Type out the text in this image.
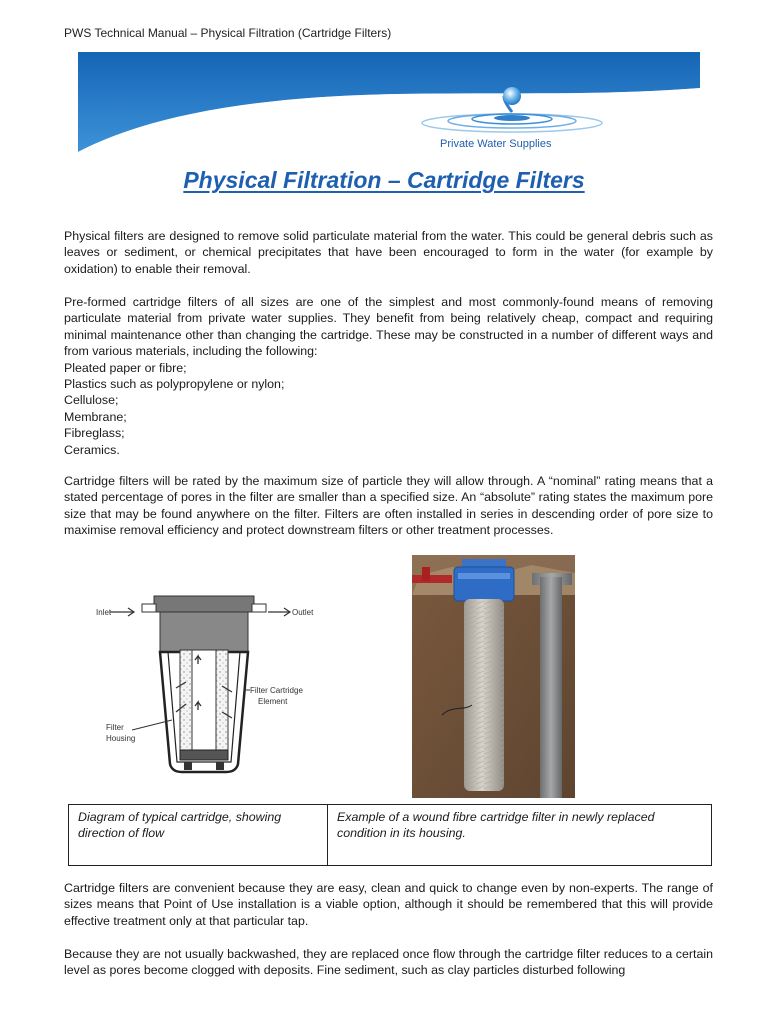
PWS Technical Manual – Physical Filtration (Cartridge Filters)
Private Water Supplies
Physical Filtration – Cartridge Filters

Physical filters are designed to remove solid particulate material from the water. This could be general debris such as leaves or sediment, or chemical precipitates that have been encouraged to form in the water (for example by oxidation) to enable their removal.

Pre-formed cartridge filters of all sizes are one of the simplest and most commonly-found means of removing particulate material from private water supplies. They benefit from being relatively cheap, compact and requiring minimal maintenance other than changing the cartridge. These may be constructed in a number of different ways and from various materials, including the following:

Pleated paper or fibre;
Plastics such as polypropylene or nylon;
Cellulose;
Membrane;
Fibreglass;
Ceramics.

Cartridge filters will be rated by the maximum size of particle they will allow through. A “nominal” rating means that a stated percentage of pores in the filter are smaller than a specified size. An “absolute” rating states the maximum pore size that may be found anywhere on the filter. Filters are often installed in series in descending order of pore size to maximise removal efficiency and protect downstream filters or other treatment processes.

Inlet	Outlet
Filter Cartridge
Element
Filter
Housing
Diagram of typical cartridge, showing direction of flow	Example of a wound fibre cartridge filter in newly replaced condition in its housing.

Cartridge filters are convenient because they are easy, clean and quick to change even by non-experts. The range of sizes means that Point of Use installation is a viable option, although it should be remembered that this will provide effective treatment only at that particular tap.

Because they are not usually backwashed, they are replaced once flow through the cartridge filter reduces to a certain level as pores become clogged with deposits. Fine sediment, such as clay particles disturbed following
